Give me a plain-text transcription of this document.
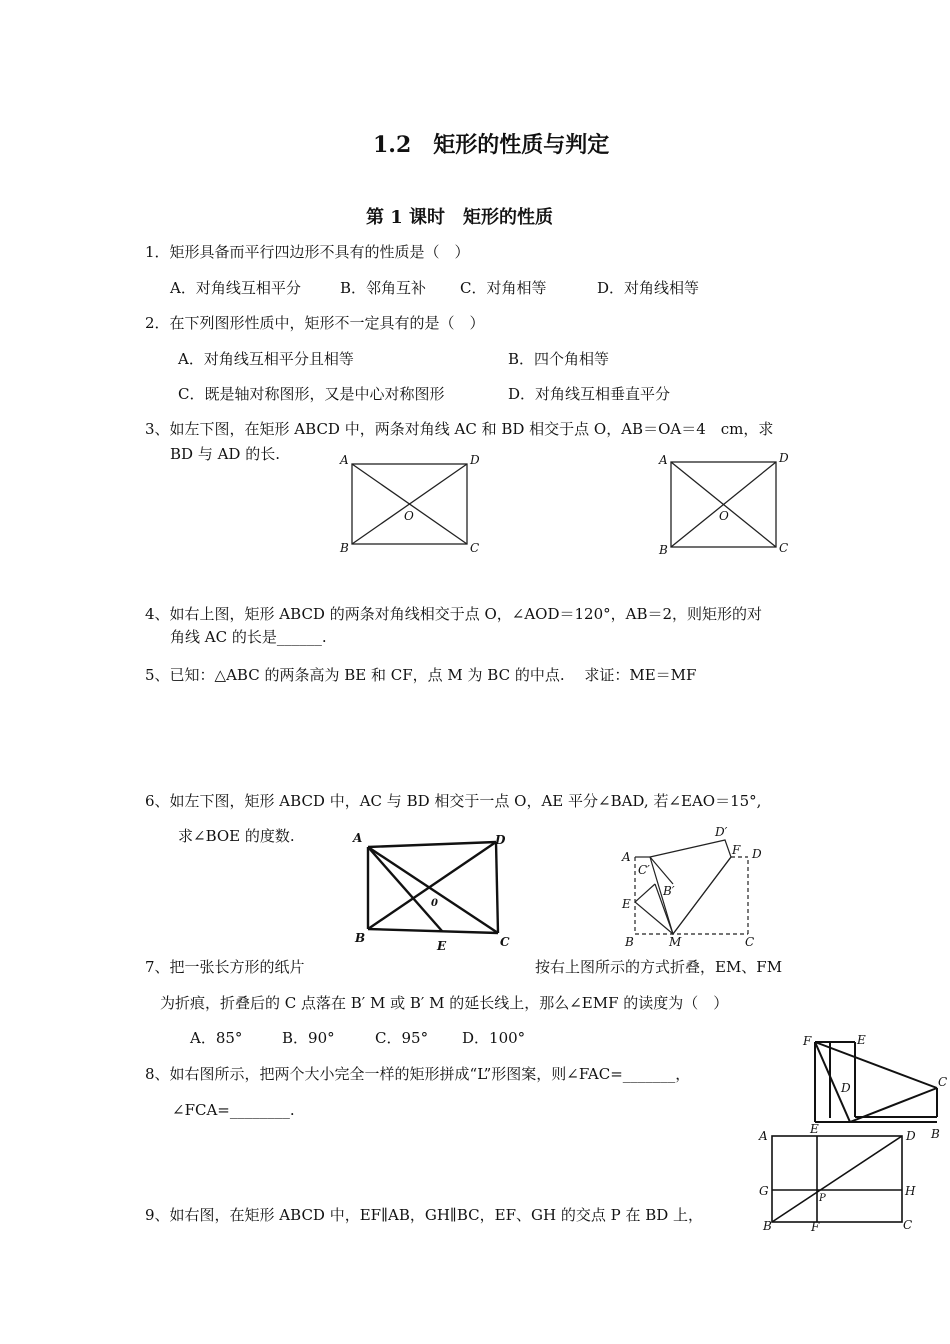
1.2　矩形的性质与判定
第 1 课时　矩形的性质
1．矩形具备而平行四边形不具有的性质是（　）
A．对角线互相平分	B．邻角互补 C．对角相等	D．对角线相等
2．在下列图形性质中，矩形不一定具有的是（　）
A．对角线互相平分且相等	B．四个角相等
C．既是轴对称图形，又是中心对称图形	D．对角线互相垂直平分
3、如左下图，在矩形 ABCD 中，两条对角线 AC 和 BD 相交于点 O，AB＝OA＝4　cm，求
BD 与 AD 的长.	A	D
B	C
O
A	D
B	C
O
4、如右上图，矩形 ABCD 的两条对角线相交于点 O，∠AOD＝120°，AB＝2，则矩形的对
角线 AC 的长是______.
5、已知：△ABC 的两条高为 BE 和 CF，点 M 为 BC 的中点.　 求证：ME＝MF
6、如左下图，矩形 ABCD 中，AC 与 BD 相交于一点 O，AE 平分∠BAD, 若∠EAO＝15°,
求∠BOE 的度数.	A	D
B	C
E
0
D′
A	F D
C′
B′
E
B	M	C
7、把一张长方形的纸片	按右上图所示的方式折叠，EM、FM
为折痕，折叠后的 C 点落在 B′ M 或 B′ M 的延长线上，那么∠EMF 的读度为（　）
A．85°	B．90°	C．95° D．100°	F	E
D	C
B
8、如右图所示，把两个大小完全一样的矩形拼成“L”形图案，则∠FAC=_______，
∠FCA=________.
A	E	D
G
P
H
B	F	C
9、如右图，在矩形 ABCD 中，EF∥AB，GH∥BC，EF、GH 的交点 P 在 BD 上，
